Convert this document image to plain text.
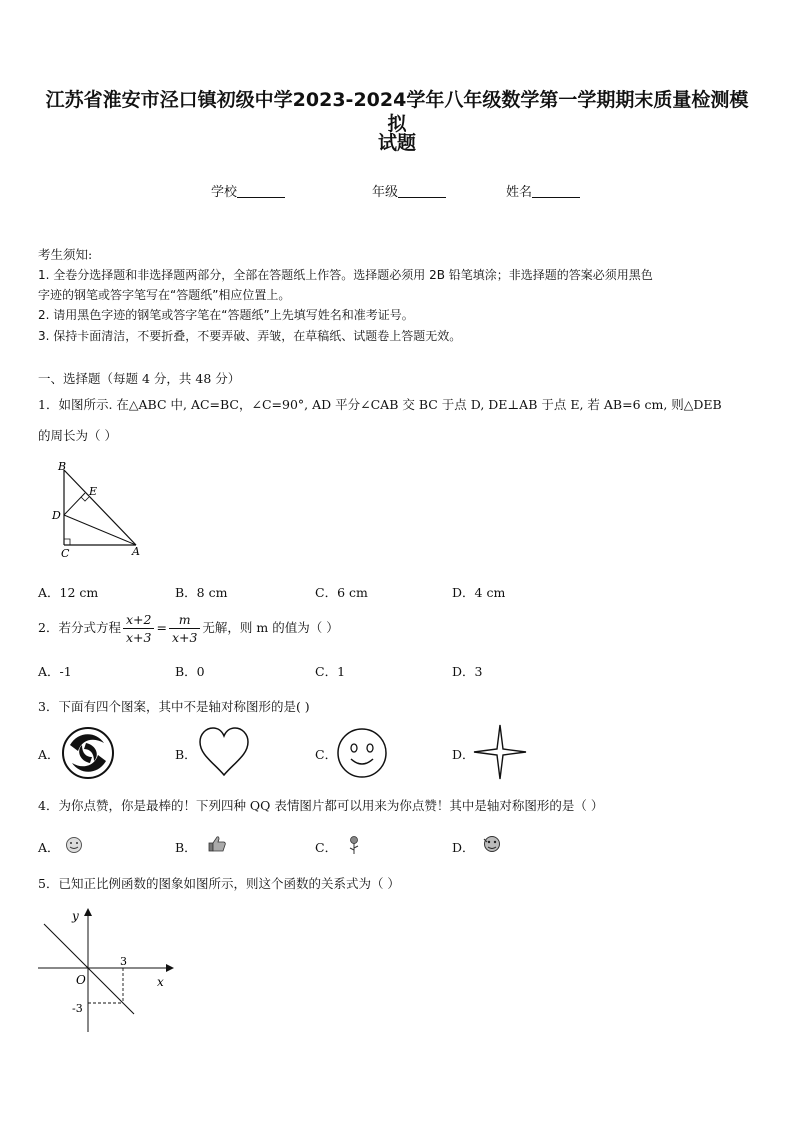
江苏省淮安市泾口镇初级中学2023-2024学年八年级数学第一学期期末质量检测模拟
试题
学校	年级	姓名
考生须知:
1. 全卷分选择题和非选择题两部分，全部在答题纸上作答。选择题必须用 2B 铅笔填涂；非选择题的答案必须用黑色
字迹的钢笔或答字笔写在“答题纸”相应位置上。
2. 请用黑色字迹的钢笔或答字笔在“答题纸”上先填写姓名和准考证号。
3. 保持卡面清洁，不要折叠，不要弄破、弄皱，在草稿纸、试题卷上答题无效。
一、选择题（每题 4 分，共 48 分）
1．如图所示. 在△ABC 中, AC=BC，∠C=90°, AD 平分∠CAB 交 BC 于点 D, DE⊥AB 于点 E, 若 AB=6 cm, 则△DEB
的周长为（ ）
B
E
D
C	A
A．12 cm	B．8 cm	C．6 cm	D．4 cm
2．若分式方程 $\frac{x+2}{x+3} = \frac{m}{x+3}$ 无解，则 m 的值为（ ）
A．-1	B．0	C．1	D．3
3．下面有四个图案，其中不是轴对称图形的是( )
A．	B．	C．	D．
4．为你点赞，你是最棒的！下列四种 QQ 表情图片都可以用来为你点赞！其中是轴对称图形的是（ ）
A．	B．	C．	D．
5．已知正比例函数的图象如图所示，则这个函数的关系式为（ ）
y
x
O
3
-3
